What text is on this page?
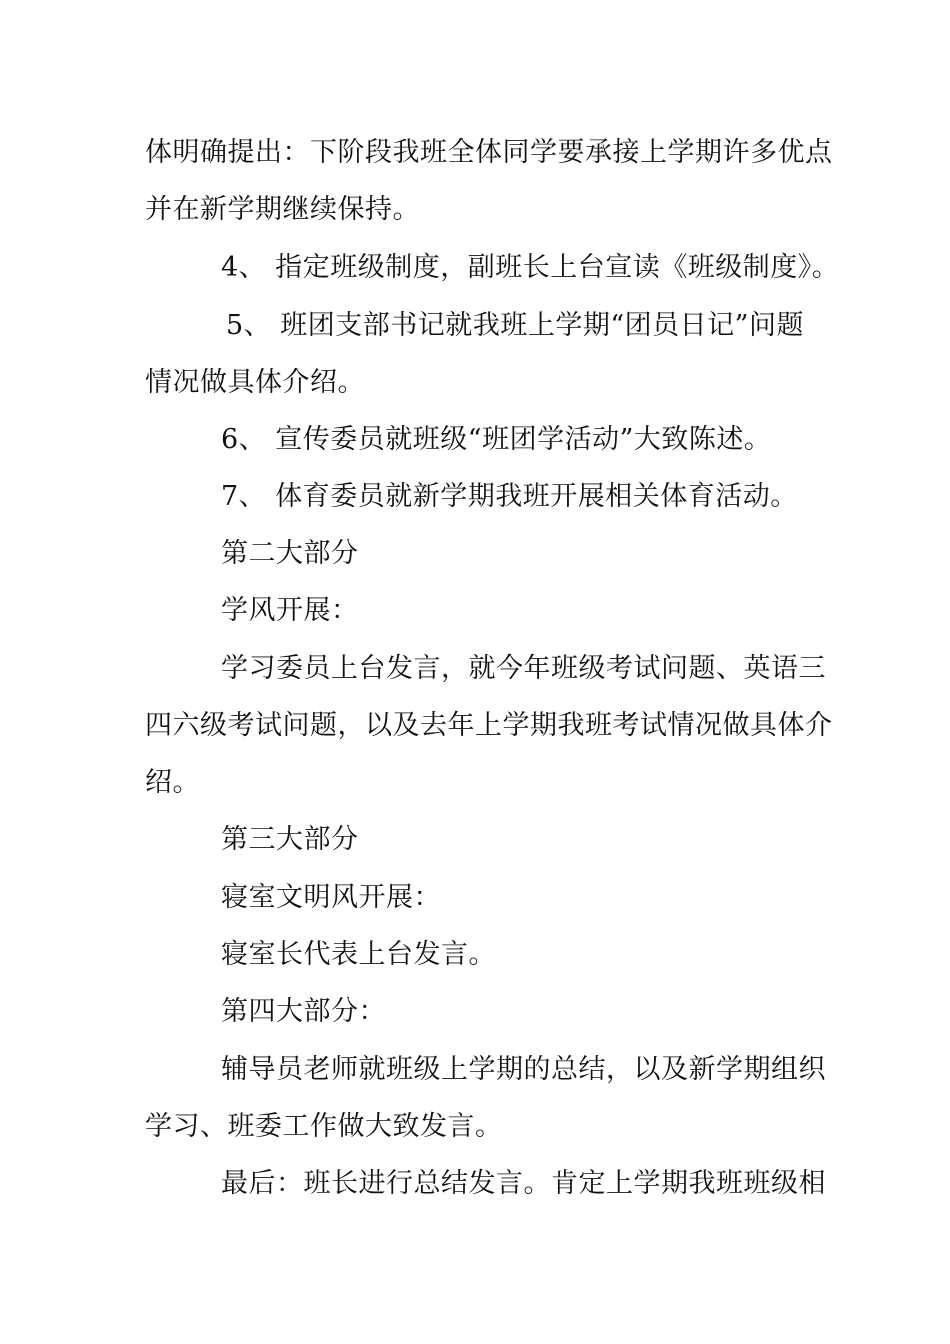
体明确提出：下阶段我班全体同学要承接上学期许多优点
并在新学期继续保持。
4、 指定班级制度，副班长上台宣读《班级制度》。
5、 班团支部书记就我班上学期“团员日记”问题
情况做具体介绍。
6、 宣传委员就班级“班团学活动”大致陈述。
7、 体育委员就新学期我班开展相关体育活动。
第二大部分
学风开展：
学习委员上台发言，就今年班级考试问题、英语三
四六级考试问题，以及去年上学期我班考试情况做具体介
绍。
第三大部分
寝室文明风开展：
寝室长代表上台发言。
第四大部分：
辅导员老师就班级上学期的总结，以及新学期组织
学习、班委工作做大致发言。
最后：班长进行总结发言。肯定上学期我班班级相
